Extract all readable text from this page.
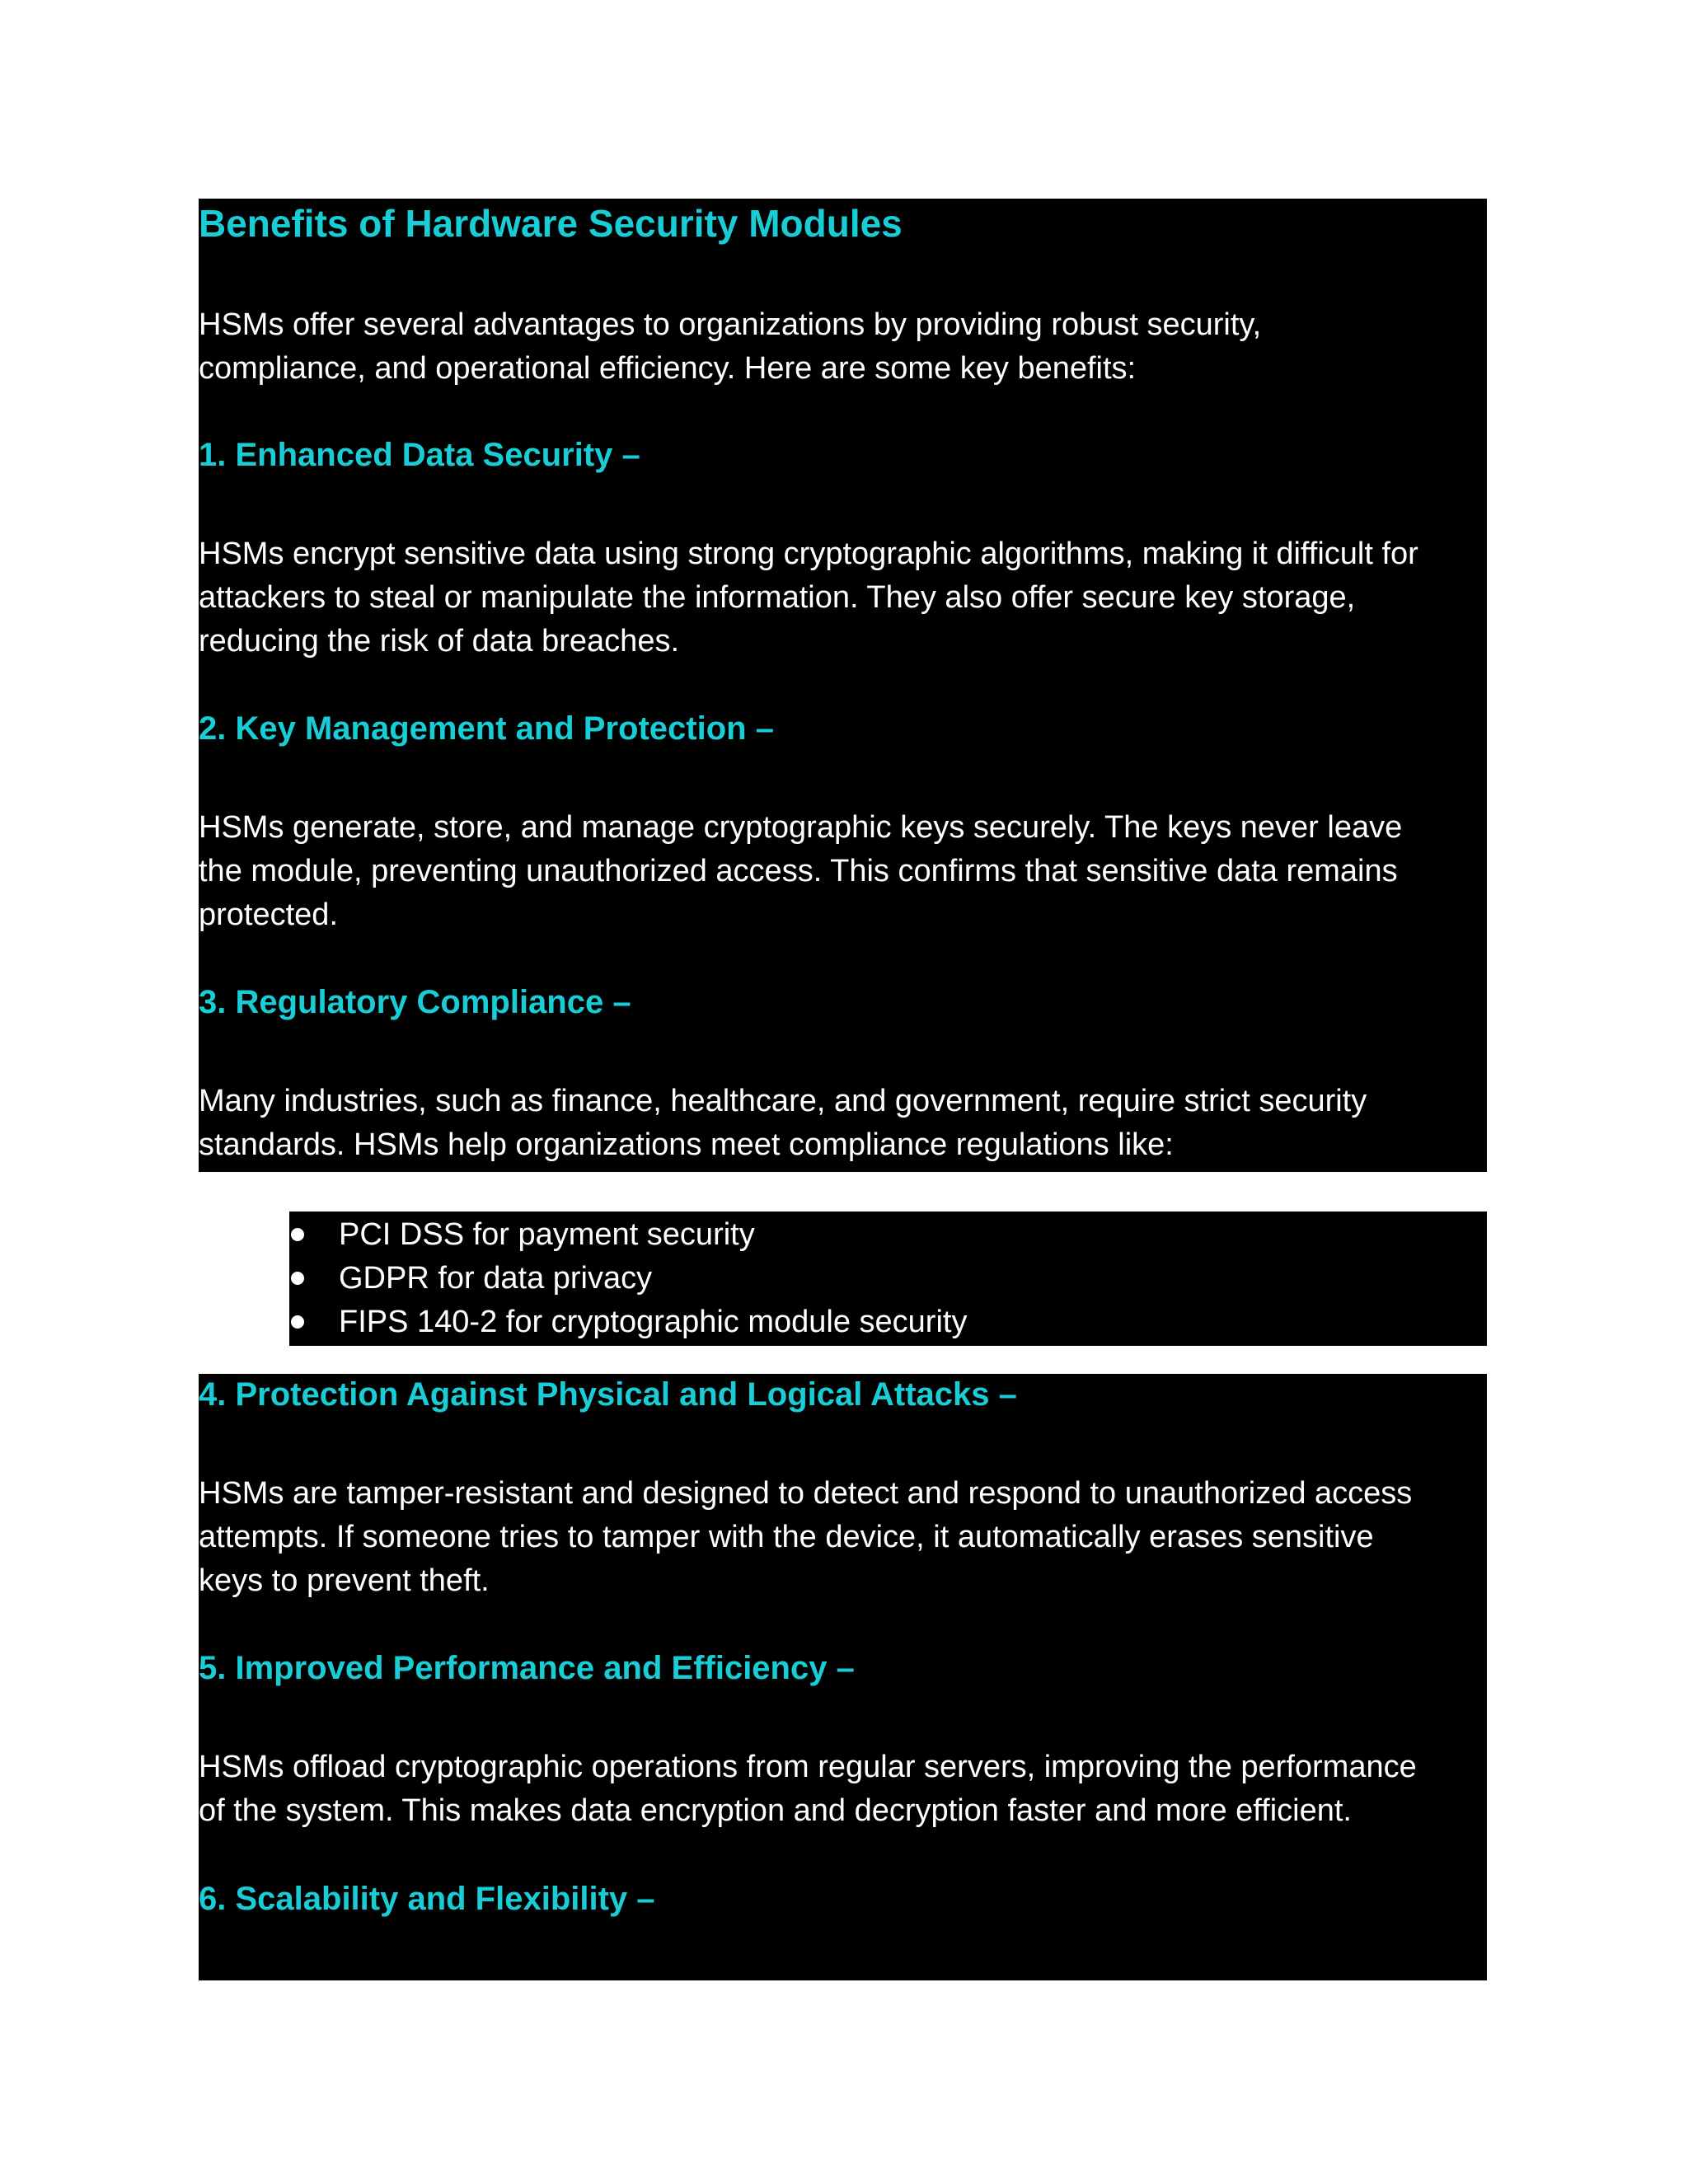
Benefits of Hardware Security Modules
HSMs offer several advantages to organizations by providing robust security,
compliance, and operational efficiency. Here are some key benefits:
1. Enhanced Data Security –
HSMs encrypt sensitive data using strong cryptographic algorithms, making it difficult for
attackers to steal or manipulate the information. They also offer secure key storage,
reducing the risk of data breaches.
2. Key Management and Protection –
HSMs generate, store, and manage cryptographic keys securely. The keys never leave
the module, preventing unauthorized access. This confirms that sensitive data remains
protected.
3. Regulatory Compliance –
Many industries, such as finance, healthcare, and government, require strict security
standards. HSMs help organizations meet compliance regulations like:
PCI DSS for payment security
GDPR for data privacy
FIPS 140-2 for cryptographic module security
4. Protection Against Physical and Logical Attacks –
HSMs are tamper-resistant and designed to detect and respond to unauthorized access
attempts. If someone tries to tamper with the device, it automatically erases sensitive
keys to prevent theft.
5. Improved Performance and Efficiency –
HSMs offload cryptographic operations from regular servers, improving the performance
of the system. This makes data encryption and decryption faster and more efficient.
6. Scalability and Flexibility –
